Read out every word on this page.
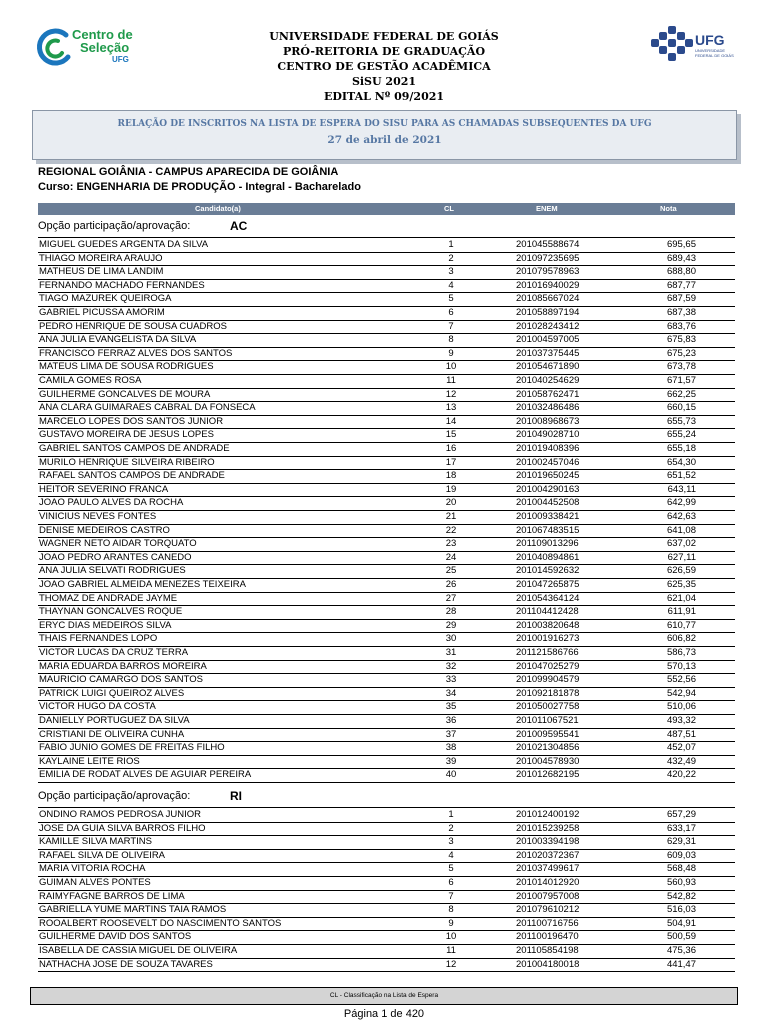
Centro de
Seleção
UFG
UFG
UNIVERSIDADE FEDERAL DE GOIÁS
UNIVERSIDADE FEDERAL DE GOIÁS
PRÓ-REITORIA DE GRADUAÇÃO
CENTRO DE GESTÃO ACADÊMICA
SiSU 2021
EDITAL Nº 09/2021
RELAÇÃO DE INSCRITOS NA LISTA DE ESPERA DO SISU PARA AS CHAMADAS SUBSEQUENTES DA UFG
27 de abril de 2021
REGIONAL GOIÂNIA - CAMPUS APARECIDA DE GOIÂNIA
Curso: ENGENHARIA DE PRODUÇÃO - Integral - Bacharelado
Candidato(a)	CL	ENEM	Nota
Opção participação/aprovação:	AC
MIGUEL GUEDES ARGENTA DA SILVA	1	201045588674	695,65
THIAGO MOREIRA ARAUJO	2	201097235695	689,43
MATHEUS DE LIMA LANDIM	3	201079578963	688,80
FERNANDO MACHADO FERNANDES	4	201016940029	687,77
TIAGO MAZUREK QUEIROGA	5	201085667024	687,59
GABRIEL PICUSSA AMORIM	6	201058897194	687,38
PEDRO HENRIQUE DE SOUSA CUADROS	7	201028243412	683,76
ANA JULIA EVANGELISTA DA SILVA	8	201004597005	675,83
FRANCISCO FERRAZ ALVES DOS SANTOS	9	201037375445	675,23
MATEUS LIMA DE SOUSA RODRIGUES	10	201054671890	673,78
CAMILA GOMES ROSA	11	201040254629	671,57
GUILHERME GONCALVES DE MOURA	12	201058762471	662,25
ANA CLARA GUIMARAES CABRAL DA FONSECA	13	201032486486	660,15
MARCELO LOPES DOS SANTOS JUNIOR	14	201008968673	655,73
GUSTAVO MOREIRA DE JESUS LOPES	15	201049028710	655,24
GABRIEL SANTOS CAMPOS DE ANDRADE	16	201019408396	655,18
MURILO HENRIQUE SILVEIRA RIBEIRO	17	201002457046	654,30
RAFAEL SANTOS CAMPOS DE ANDRADE	18	201019650245	651,52
HEITOR SEVERINO FRANCA	19	201004290163	643,11
JOAO PAULO ALVES DA ROCHA	20	201004452508	642,99
VINICIUS NEVES FONTES	21	201009338421	642,63
DENISE MEDEIROS CASTRO	22	201067483515	641,08
WAGNER NETO AIDAR TORQUATO	23	201109013296	637,02
JOAO PEDRO ARANTES CANEDO	24	201040894861	627,11
ANA JULIA SELVATI RODRIGUES	25	201014592632	626,59
JOAO GABRIEL ALMEIDA MENEZES TEIXEIRA	26	201047265875	625,35
THOMAZ DE ANDRADE JAYME	27	201054364124	621,04
THAYNAN GONCALVES ROQUE	28	201104412428	611,91
ERYC DIAS MEDEIROS SILVA	29	201003820648	610,77
THAIS FERNANDES LOPO	30	201001916273	606,82
VICTOR LUCAS DA CRUZ TERRA	31	201121586766	586,73
MARIA EDUARDA BARROS MOREIRA	32	201047025279	570,13
MAURICIO CAMARGO DOS SANTOS	33	201099904579	552,56
PATRICK LUIGI QUEIROZ ALVES	34	201092181878	542,94
VICTOR HUGO DA COSTA	35	201050027758	510,06
DANIELLY PORTUGUEZ DA SILVA	36	201011067521	493,32
CRISTIANI DE OLIVEIRA CUNHA	37	201009595541	487,51
FABIO JUNIO GOMES DE FREITAS FILHO	38	201021304856	452,07
KAYLAINE LEITE RIOS	39	201004578930	432,49
EMILIA DE RODAT ALVES DE AGUIAR PEREIRA	40	201012682195	420,22
Opção participação/aprovação:	RI
ONDINO RAMOS PEDROSA JUNIOR	1	201012400192	657,29
JOSE DA GUIA SILVA BARROS FILHO	2	201015239258	633,17
KAMILLE SILVA MARTINS	3	201003394198	629,31
RAFAEL SILVA DE OLIVEIRA	4	201020372367	609,03
MARIA VITORIA ROCHA	5	201037499617	568,48
GUIMAN ALVES PONTES	6	201014012920	560,93
RAIMYFAGNE BARROS DE LIMA	7	201007957008	542,82
GABRIELLA YUME MARTINS TAIA RAMOS	8	201079610212	516,03
ROOALBERT ROOSEVELT DO NASCIMENTO SANTOS	9	201100716756	504,91
GUILHERME DAVID DOS SANTOS	10	201100196470	500,59
ISABELLA DE CASSIA MIGUEL DE OLIVEIRA	11	201105854198	475,36
NATHACHA JOSE DE SOUZA TAVARES	12	201004180018	441,47
CL - Classificação na Lista de Espera
Página 1 de 420
